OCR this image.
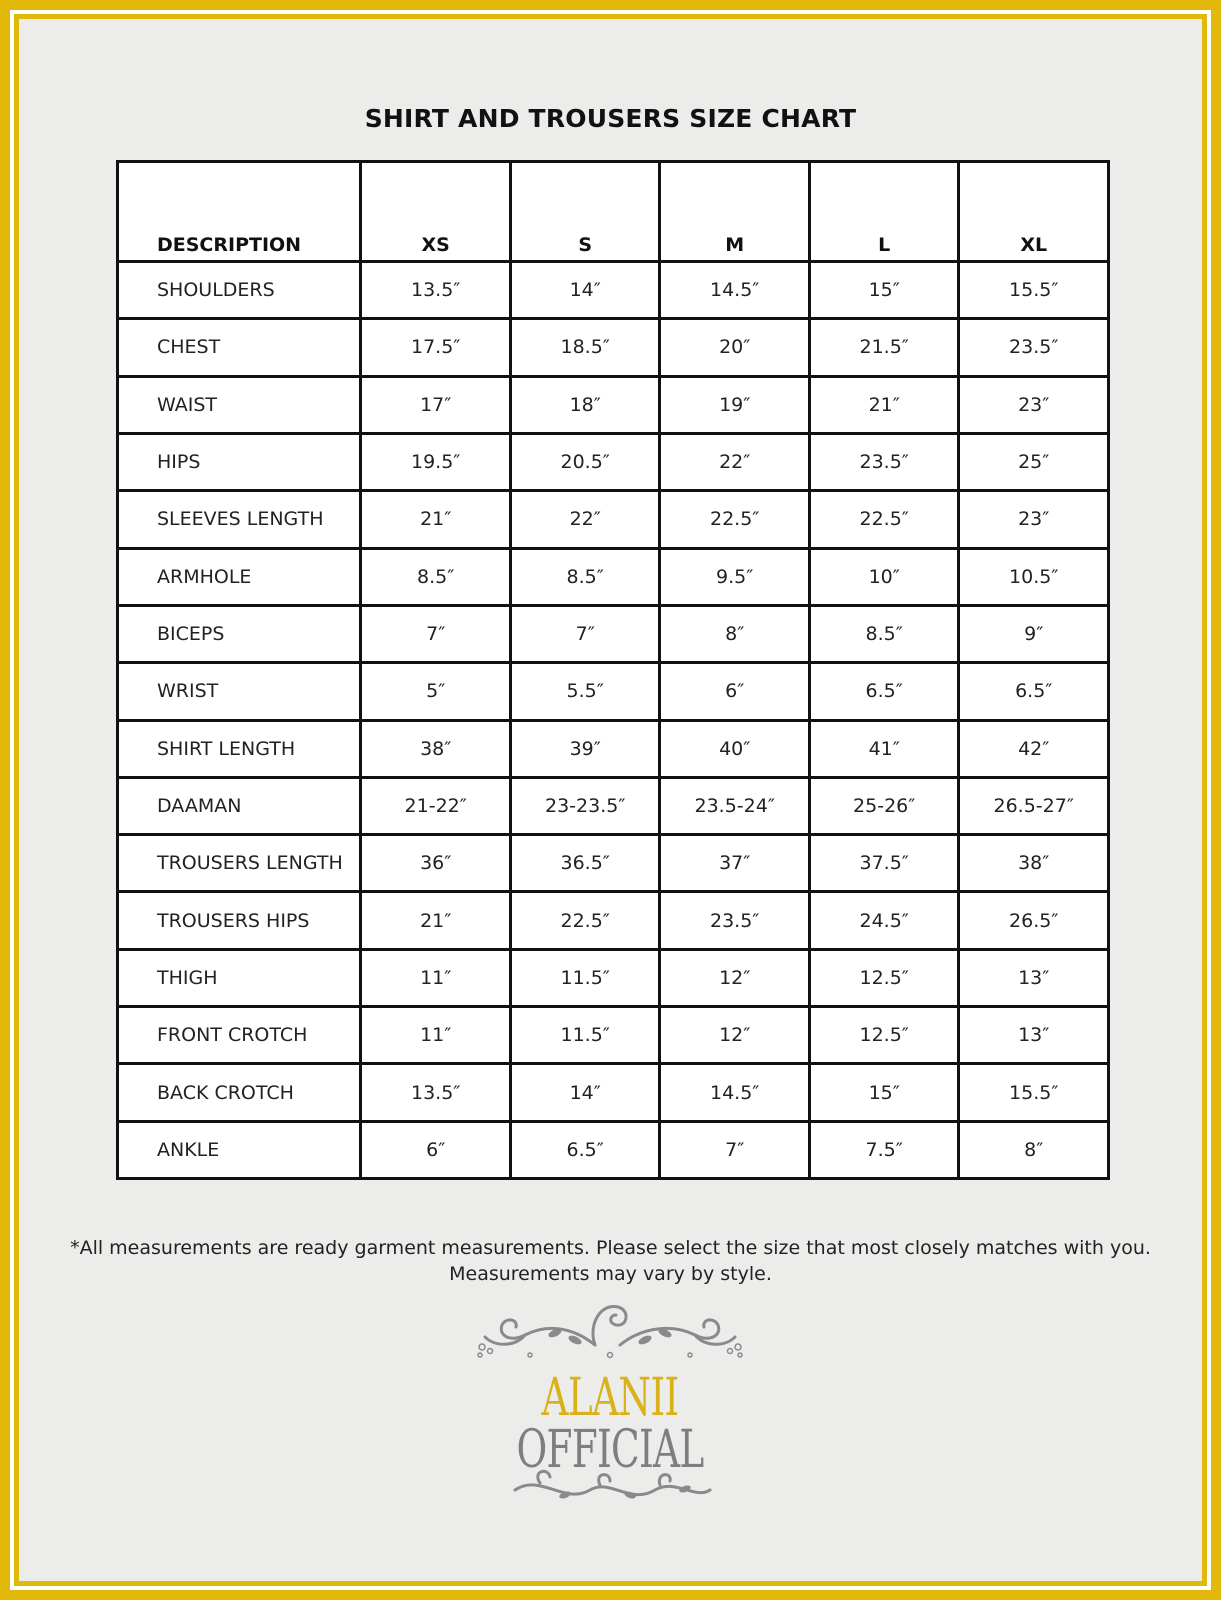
SHIRT AND TROUSERS SIZE CHART
DESCRIPTION	XS	S	M	L	XL
SHOULDERS	13.5″	14″	14.5″	15″	15.5″
CHEST	17.5″	18.5″	20″	21.5″	23.5″
WAIST	17″	18″	19″	21″	23″
HIPS	19.5″	20.5″	22″	23.5″	25″
SLEEVES LENGTH	21″	22″	22.5″	22.5″	23″
ARMHOLE	8.5″	8.5″	9.5″	10″	10.5″
BICEPS	7″	7″	8″	8.5″	9″
WRIST	5″	5.5″	6″	6.5″	6.5″
SHIRT LENGTH	38″	39″	40″	41″	42″
DAAMAN	21-22″	23-23.5″	23.5-24″	25-26″	26.5-27″
TROUSERS LENGTH	36″	36.5″	37″	37.5″	38″
TROUSERS HIPS	21″	22.5″	23.5″	24.5″	26.5″
THIGH	11″	11.5″	12″	12.5″	13″
FRONT CROTCH	11″	11.5″	12″	12.5″	13″
BACK CROTCH	13.5″	14″	14.5″	15″	15.5″
ANKLE	6″	6.5″	7″	7.5″	8″
*All measurements are ready garment measurements. Please select the size that most closely matches with you.
Measurements may vary by style.
ALANII
OFFICIAL
